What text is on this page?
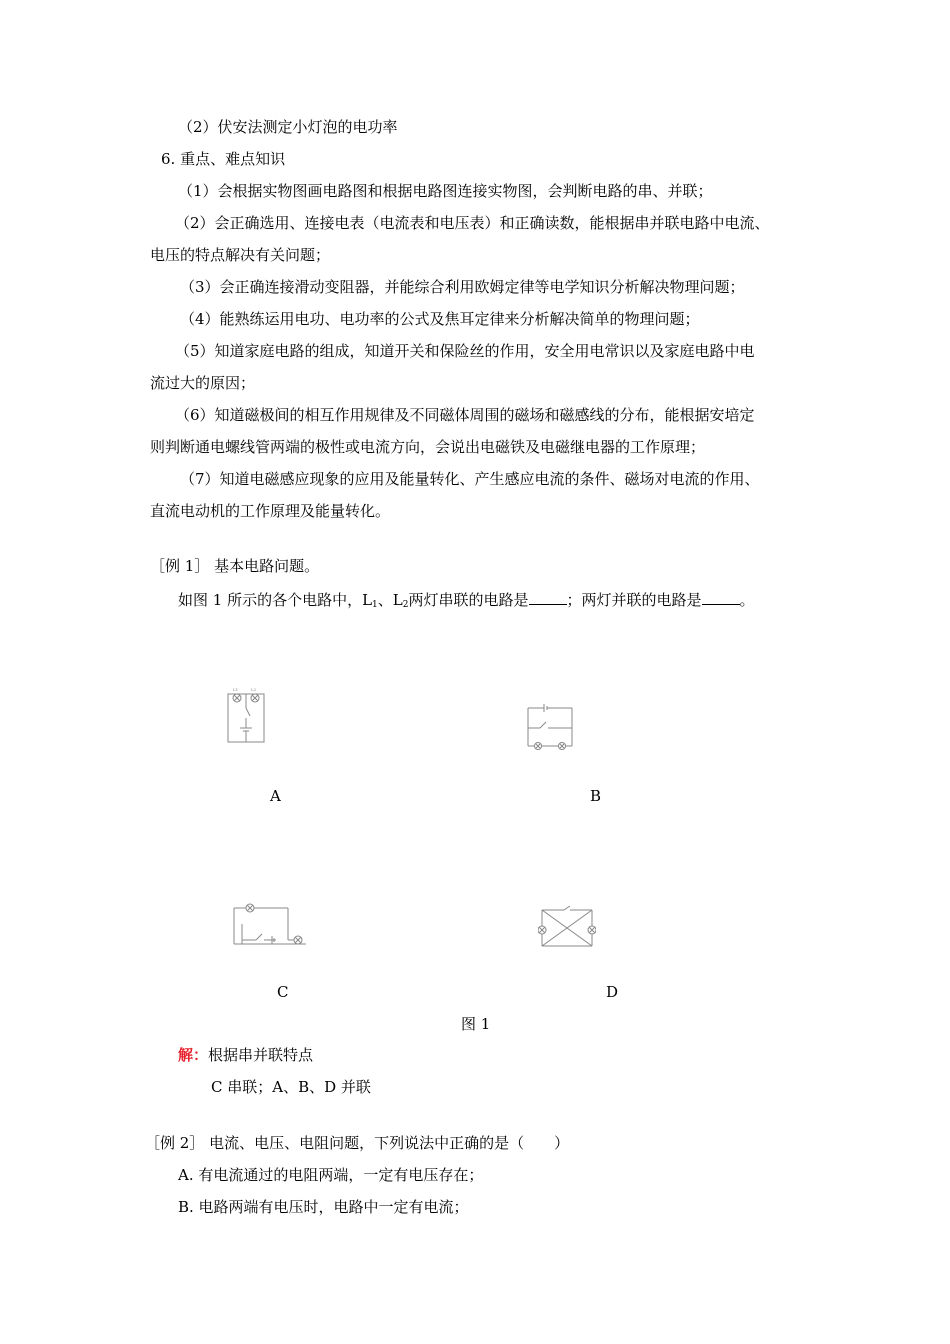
（2）伏安法测定小灯泡的电功率
6. 重点、难点知识
（1）会根据实物图画电路图和根据电路图连接实物图，会判断电路的串、并联；
（2）会正确选用、连接电表（电流表和电压表）和正确读数，能根据串并联电路中电流、
电压的特点解决有关问题；
（3）会正确连接滑动变阻器，并能综合利用欧姆定律等电学知识分析解决物理问题；
（4）能熟练运用电功、电功率的公式及焦耳定律来分析解决简单的物理问题；
（5）知道家庭电路的组成，知道开关和保险丝的作用，安全用电常识以及家庭电路中电
流过大的原因；
（6）知道磁极间的相互作用规律及不同磁体周围的磁场和磁感线的分布，能根据安培定
则判断通电螺线管两端的极性或电流方向，会说出电磁铁及电磁继电器的工作原理；
（7）知道电磁感应现象的应用及能量转化、产生感应电流的条件、磁场对电流的作用、
直流电动机的工作原理及能量转化。
［例 1］ 基本电路问题。
如图 1 所示的各个电路中，$L_1$、$L_2$两灯串联的电路是	；两灯并联的电路是	。
L1	L2
A	B
C	D
图 1
解：根据串并联特点
C 串联；A、B、D 并联
［例 2］ 电流、电压、电阻问题，下列说法中正确的是（　　）
A. 有电流通过的电阻两端，一定有电压存在；
B. 电路两端有电压时，电路中一定有电流；
